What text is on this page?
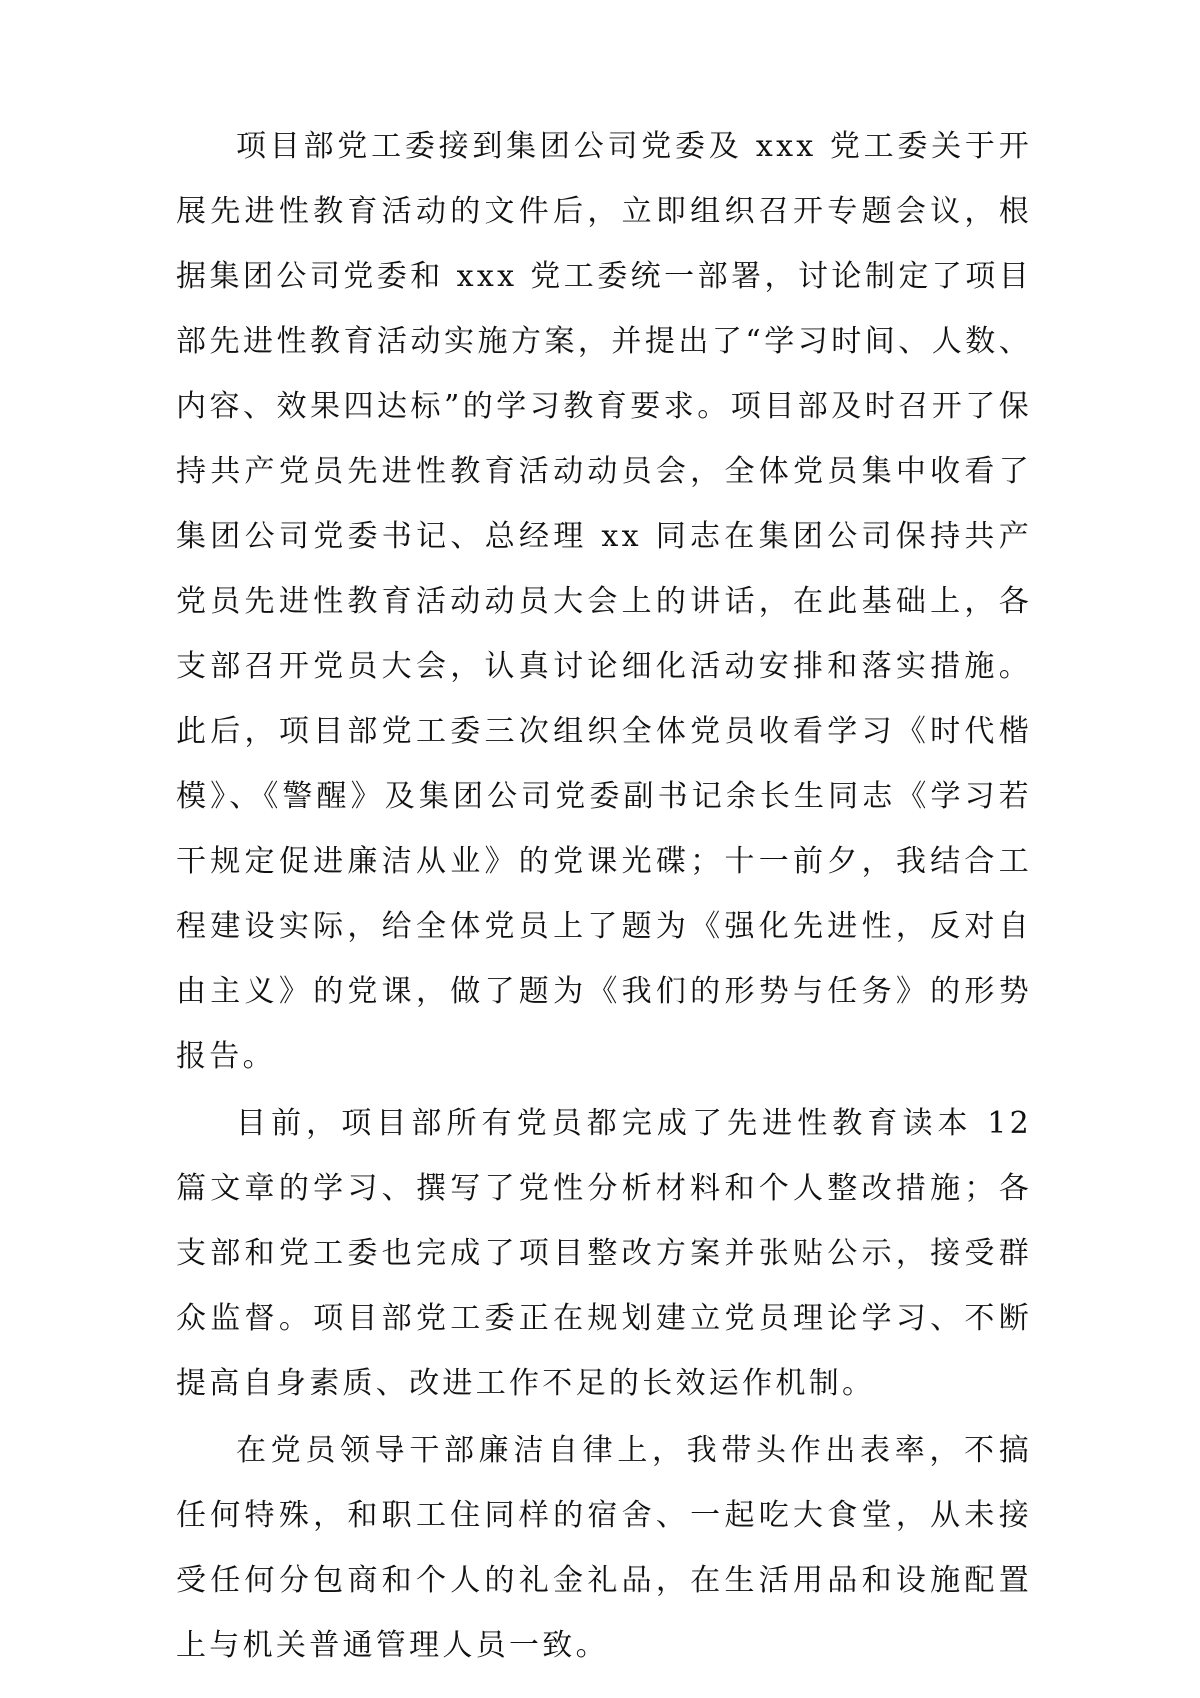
项目部党工委接到集团公司党委及 xxx 党工委关于开展先进性教育活动的文件后，立即组织召开专题会议，根据集团公司党委和 xxx 党工委统一部署，讨论制定了项目部先进性教育活动实施方案，并提出了“学习时间、人数、内容、效果四达标”的学习教育要求。项目部及时召开了保持共产党员先进性教育活动动员会，全体党员集中收看了集团公司党委书记、总经理 xx 同志在集团公司保持共产党员先进性教育活动动员大会上的讲话，在此基础上，各支部召开党员大会，认真讨论细化活动安排和落实措施。此后，项目部党工委三次组织全体党员收看学习《时代楷模》、《警醒》及集团公司党委副书记余长生同志《学习若干规定促进廉洁从业》的党课光碟；十一前夕，我结合工程建设实际，给全体党员上了题为《强化先进性，反对自由主义》的党课，做了题为《我们的形势与任务》的形势报告。

目前，项目部所有党员都完成了先进性教育读本 12 篇文章的学习、撰写了党性分析材料和个人整改措施；各支部和党工委也完成了项目整改方案并张贴公示，接受群众监督。项目部党工委正在规划建立党员理论学习、不断提高自身素质、改进工作不足的长效运作机制。

在党员领导干部廉洁自律上，我带头作出表率，不搞任何特殊，和职工住同样的宿舍、一起吃大食堂，从未接受任何分包商和个人的礼金礼品，在生活用品和设施配置上与机关普通管理人员一致。
